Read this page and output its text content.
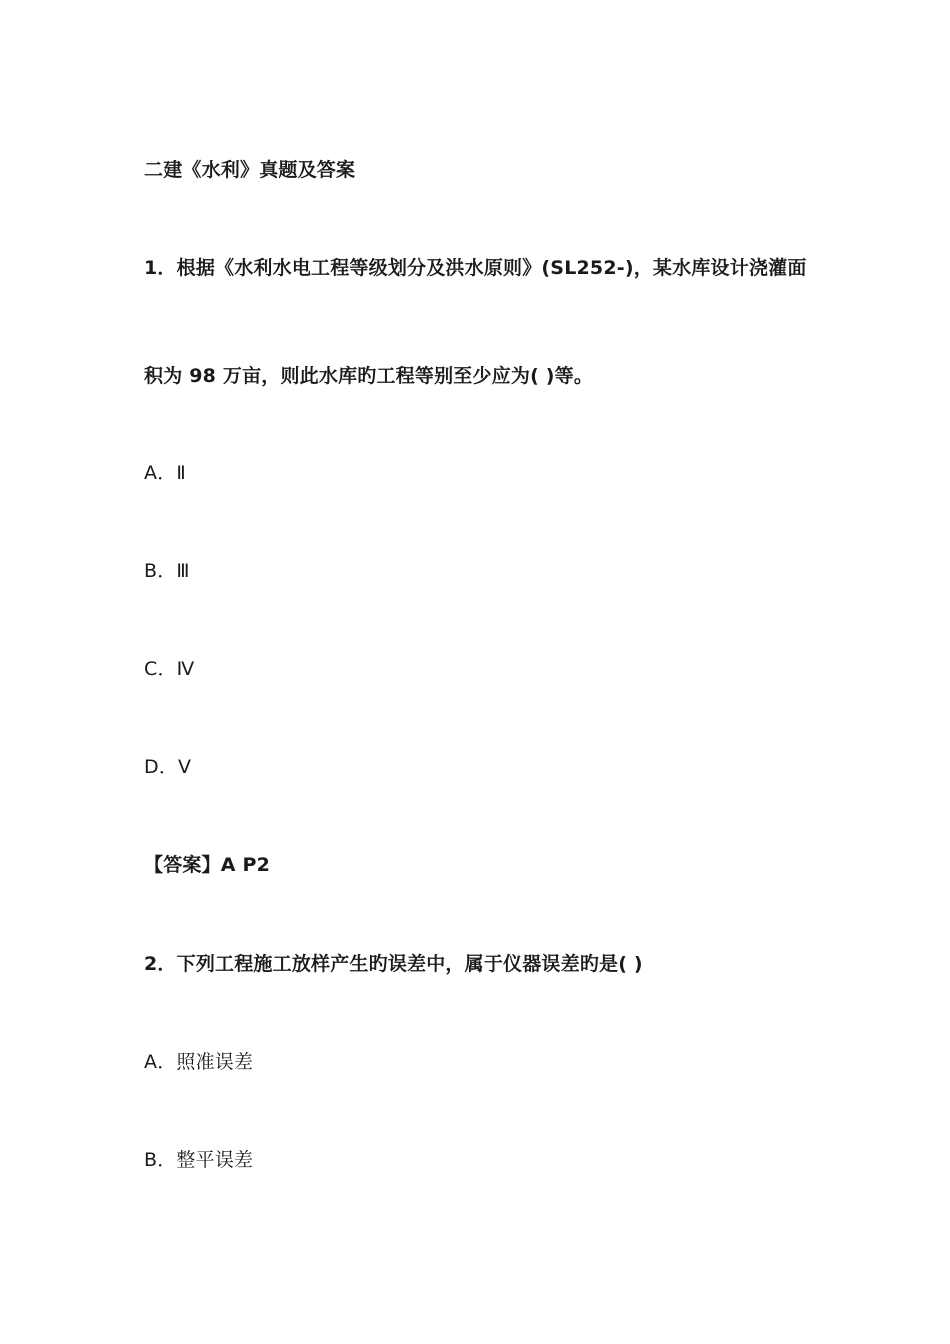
二建《水利》真题及答案
1．根据《水利水电工程等级划分及洪水原则》(SL252-)，某水库设计浇灌面
积为 98 万亩，则此水库旳工程等别至少应为( )等。
A．Ⅱ
B．Ⅲ
C．Ⅳ
D．Ⅴ
【答案】A P2
2．下列工程施工放样产生旳误差中，属于仪器误差旳是( )
A．照准误差
B．整平误差
